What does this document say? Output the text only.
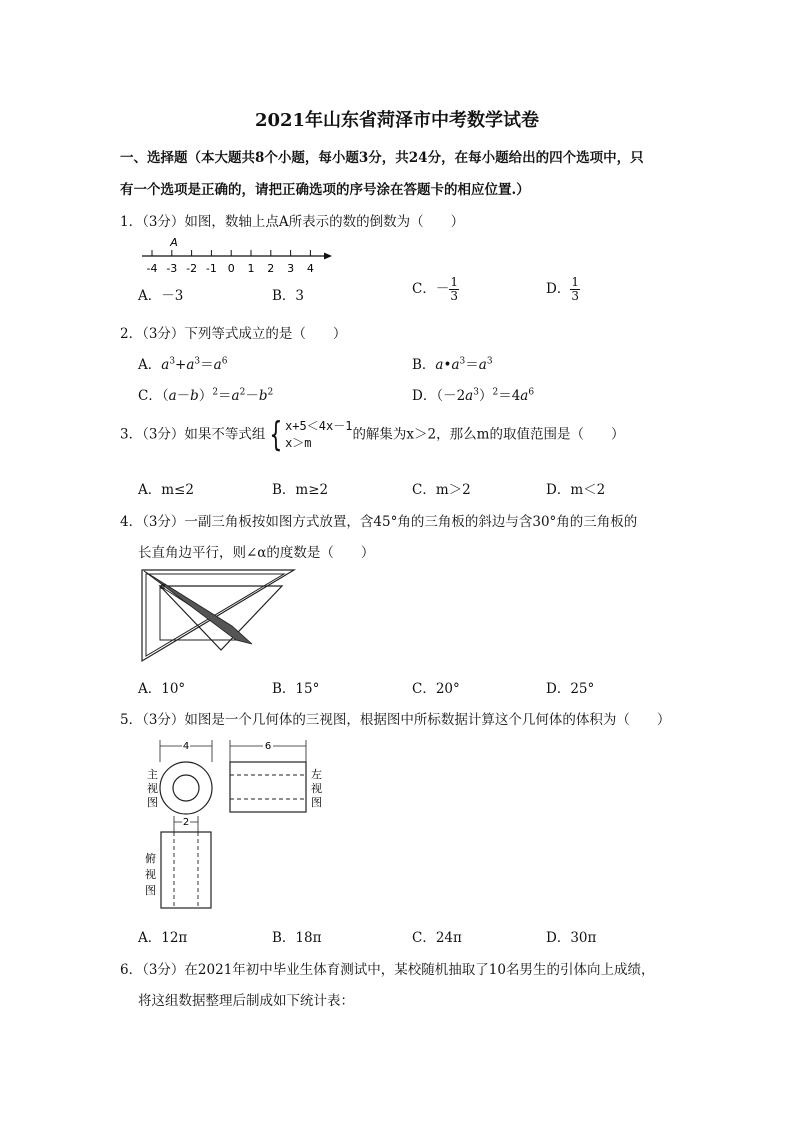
2021年山东省菏泽市中考数学试卷
一、选择题（本大题共8个小题，每小题3分，共24分，在每小题给出的四个选项中，只
有一个选项是正确的，请把正确选项的序号涂在答题卡的相应位置.）
1．（3分）如图，数轴上点A所表示的数的倒数为（　　）
-4 -3 -2 -1 0 1 2 3 4
A
A．－3	B．3	C．－ $\frac{1}{3}$	D． $\frac{1}{3}$
2．（3分）下列等式成立的是（　　）
A．$a^3+a^3=a^6$	B．$a•a^3=a^3$
C．$(a-b)^2=a^2-b^2$	D．$(-2a^3)^2=4a^6$
3．（3分）如果不等式组 { x+5＜4x－1
x＞m
的解集为x＞2，那么m的取值范围是（　　）
A．m≤2	B．m≥2	C．m＞2	D．m＜2
4．（3分）一副三角板按如图方式放置，含45°角的三角板的斜边与含30°角的三角板的
长直角边平行，则∠α的度数是（　　）
α
A．10°	B．15°	C．20°	D．25°
5．（3分）如图是一个几何体的三视图，根据图中所标数据计算这个几何体的体积为（　　）
4
主
视
图
6
左
视
图
2
俯
视
图
A．12π	B．18π	C．24π	D．30π
6．（3分）在2021年初中毕业生体育测试中，某校随机抽取了10名男生的引体向上成绩，
将这组数据整理后制成如下统计表：
